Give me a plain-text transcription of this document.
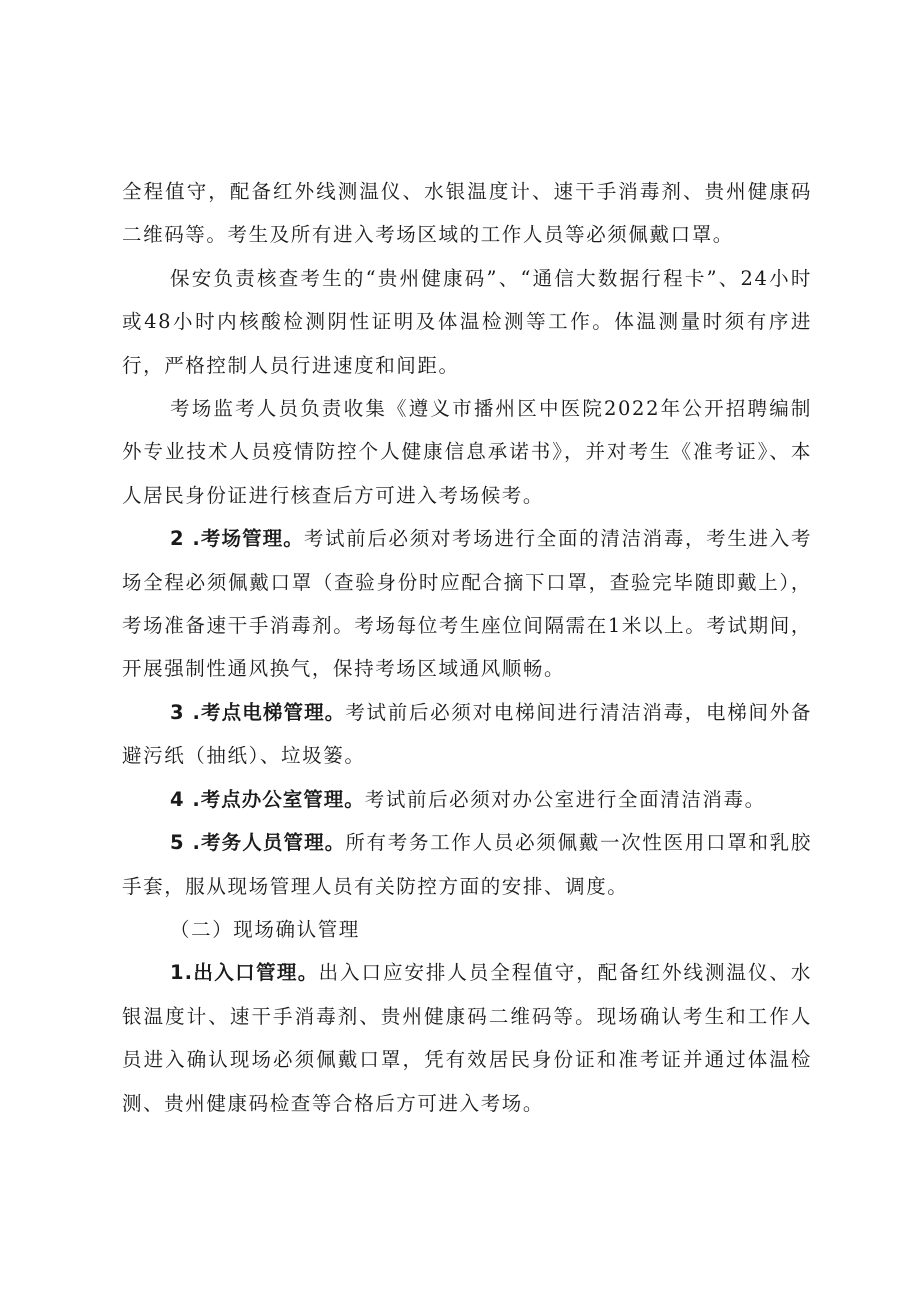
全程值守，配备红外线测温仪、水银温度计、速干手消毒剂、贵州健康码二维码等。考生及所有进入考场区域的工作人员等必须佩戴口罩。

保安负责核查考生的“贵州健康码”、“通信大数据行程卡”、24小时或48小时内核酸检测阴性证明及体温检测等工作。体温测量时须有序进行，严格控制人员行进速度和间距。

考场监考人员负责收集《遵义市播州区中医院2022年公开招聘编制外专业技术人员疫情防控个人健康信息承诺书》，并对考生《准考证》、本人居民身份证进行核查后方可进入考场候考。

2 .考场管理。考试前后必须对考场进行全面的清洁消毒，考生进入考场全程必须佩戴口罩（查验身份时应配合摘下口罩，查验完毕随即戴上），考场准备速干手消毒剂。考场每位考生座位间隔需在1米以上。考试期间，开展强制性通风换气，保持考场区域通风顺畅。

3 .考点电梯管理。考试前后必须对电梯间进行清洁消毒，电梯间外备避污纸（抽纸）、垃圾篓。

4 .考点办公室管理。考试前后必须对办公室进行全面清洁消毒。

5 .考务人员管理。所有考务工作人员必须佩戴一次性医用口罩和乳胶手套，服从现场管理人员有关防控方面的安排、调度。

（二）现场确认管理

1.出入口管理。出入口应安排人员全程值守，配备红外线测温仪、水银温度计、速干手消毒剂、贵州健康码二维码等。现场确认考生和工作人员进入确认现场必须佩戴口罩，凭有效居民身份证和准考证并通过体温检测、贵州健康码检查等合格后方可进入考场。
